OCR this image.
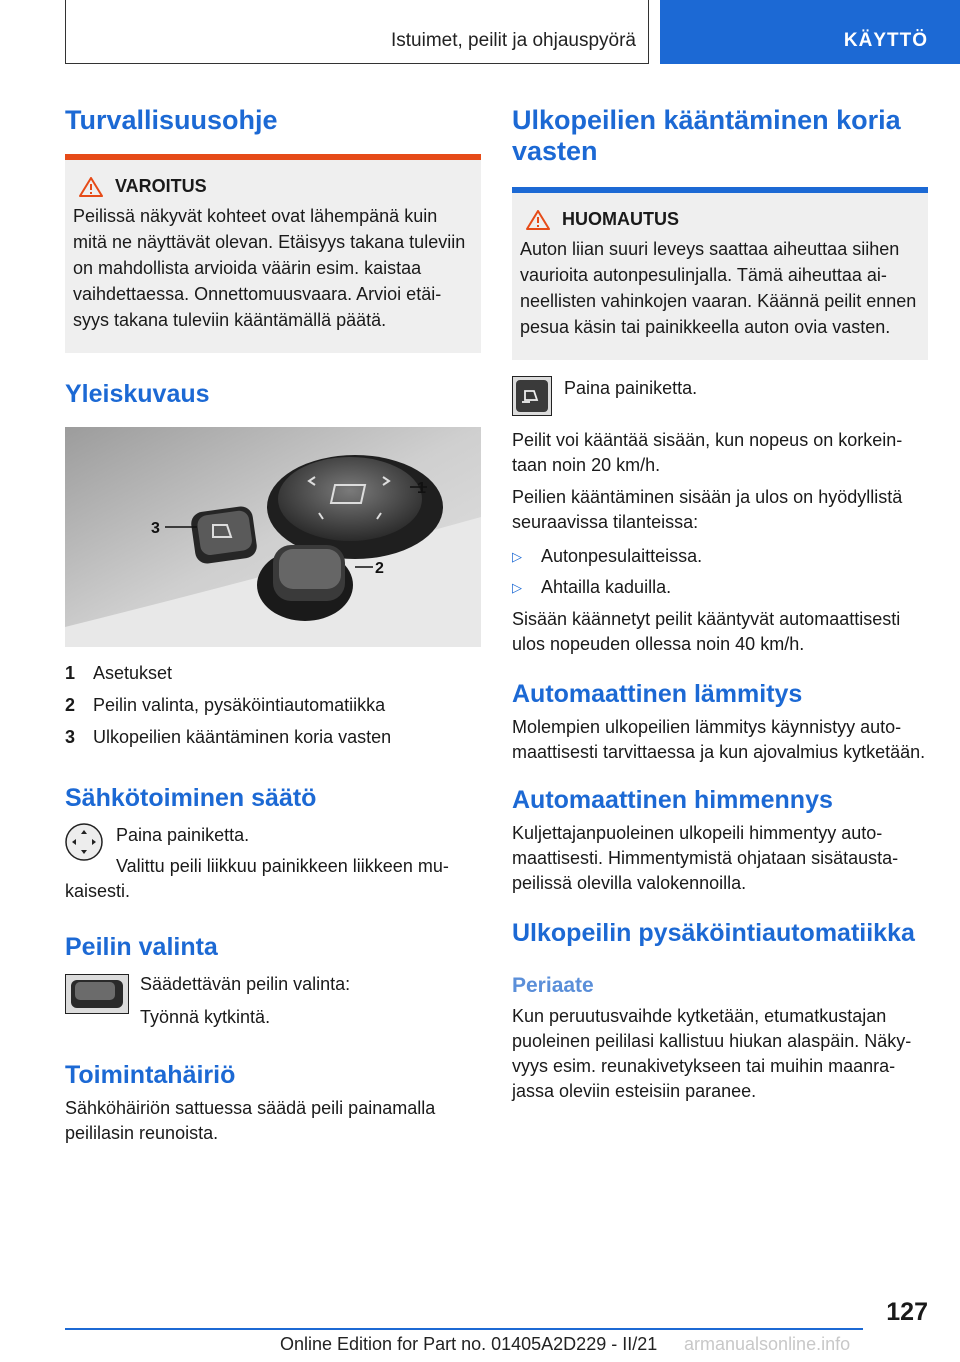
Istuimet, peilit ja ohjauspyörä	KÄYTTÖ
Turvallisuusohje
VAROITUS

Peilissä näkyvät kohteet ovat lähempänä kuin mitä ne näyttävät olevan. Etäisyys takana tuleviin on mahdollista arvioida väärin esim. kaistaa vaihdettaessa. Onnettomuusvaara. Arvioi etäisyys takana tuleviin kääntämällä päätä.

Yleiskuvaus
1
2
3
1 Asetukset
2 Peilin valinta, pysäköintiautomatiikka
3 Ulkopeilien kääntäminen koria vasten
Sähkötoiminen säätö

Paina painiketta.

Valittu peili liikkuu painikkeen liikkeen mukaisesti.

Peilin valinta

Säädettävän peilin valinta:

Työnnä kytkintä.

Toimintahäiriö

Sähköhäiriön sattuessa säädä peili painamalla peililasin reunoista.

Ulkopeilien kääntäminen koria vasten
HUOMAUTUS

Auton liian suuri leveys saattaa aiheuttaa siihen vaurioita autonpesulinjalla. Tämä aiheuttaa aineellisten vahinkojen vaaran. Käännä peilit ennen pesua käsin tai painikkeella auton ovia vasten.

Paina painiketta.

Peilit voi kääntää sisään, kun nopeus on korkeintaan noin 20 km/h.

Peilien kääntäminen sisään ja ulos on hyödyllistä seuraavissa tilanteissa:

▷	Autonpesulaitteissa.
▷	Ahtailla kaduilla.

Sisään käännetyt peilit kääntyvät automaattisesti ulos nopeuden ollessa noin 40 km/h.

Automaattinen lämmitys

Molempien ulkopeilien lämmitys käynnistyy automaattisesti tarvittaessa ja kun ajovalmius kytketään.

Automaattinen himmennys

Kuljettajanpuoleinen ulkopeili himmentyy automaattisesti. Himmentymistä ohjataan sisätaustapeilissä olevilla valokennoilla.

Ulkopeilin pysäköintiautomatiikka
Periaate

Kun peruutusvaihde kytketään, etumatkustajan puoleinen peililasi kallistuu hiukan alaspäin. Näkyvyys esim. reunakivetykseen tai muihin maanrajassa oleviin esteisiin paranee.

127
Online Edition for Part no. 01405A2D229 - II/21 armanualsonline.info
